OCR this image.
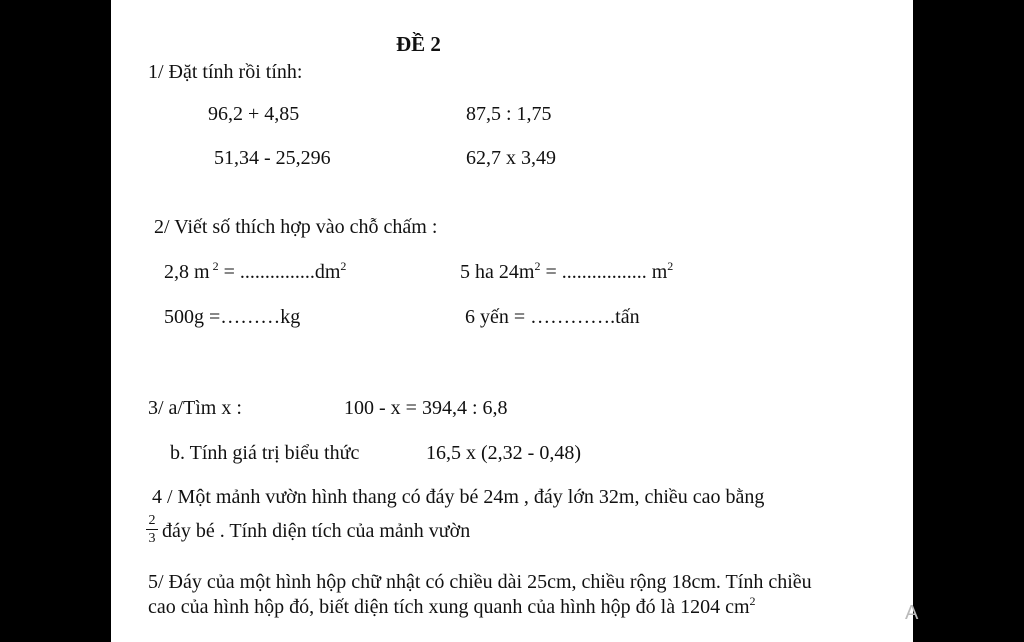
ĐỀ 2
1/ Đặt tính rồi tính:
96,2 + 4,85	87,5 : 1,75
51,34 - 25,296	62,7 x 3,49
2/ Viết số thích hợp vào chỗ chấm :
2,8 m $^2 = ...............dm^2$	5 ha $24m^2$ = ................. $m^2$
500g =………kg	6 yến = ………….tấn
3/ a/Tìm x :	100 - x = 394,4 : 6,8
b. Tính giá trị biểu thức	16,5 x (2,32 - 0,48)
4 / Một mảnh vườn hình thang có đáy bé 24m , đáy lớn 32m, chiều cao bằng
$\frac{2}{3}$ đáy bé . Tính diện tích của mảnh vườn
5/ Đáy của một hình hộp chữ nhật có chiều dài 25cm, chiều rộng 18cm. Tính chiều
cao của hình hộp đó, biết diện tích xung quanh của hình hộp đó là 1204 $cm^2$
A
